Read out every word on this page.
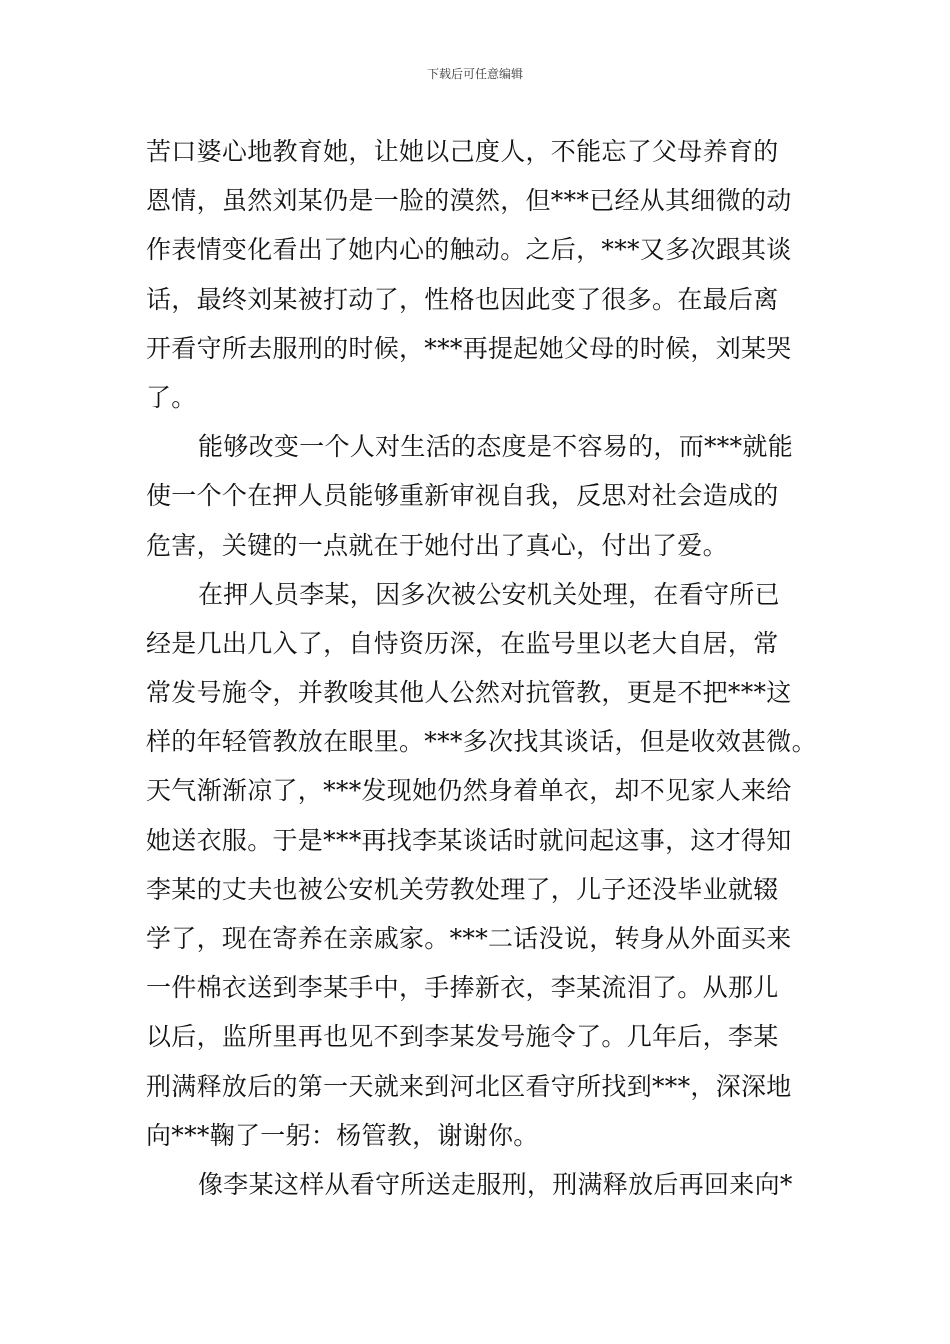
下载后可任意编辑
苦口婆心地教育她，让她以己度人，不能忘了父母养育的
恩情，虽然刘某仍是一脸的漠然，但***已经从其细微的动
作表情变化看出了她内心的触动。之后，***又多次跟其谈
话，最终刘某被打动了，性格也因此变了很多。在最后离
开看守所去服刑的时候，***再提起她父母的时候，刘某哭
了。
能够改变一个人对生活的态度是不容易的，而***就能
使一个个在押人员能够重新审视自我，反思对社会造成的
危害，关键的一点就在于她付出了真心，付出了爱。
在押人员李某，因多次被公安机关处理，在看守所已
经是几出几入了，自恃资历深，在监号里以老大自居，常
常发号施令，并教唆其他人公然对抗管教，更是不把***这
样的年轻管教放在眼里。***多次找其谈话，但是收效甚微。
天气渐渐凉了，***发现她仍然身着单衣，却不见家人来给
她送衣服。于是***再找李某谈话时就问起这事，这才得知
李某的丈夫也被公安机关劳教处理了，儿子还没毕业就辍
学了，现在寄养在亲戚家。***二话没说，转身从外面买来
一件棉衣送到李某手中，手捧新衣，李某流泪了。从那儿
以后，监所里再也见不到李某发号施令了。几年后，李某
刑满释放后的第一天就来到河北区看守所找到***，深深地
向***鞠了一躬：杨管教，谢谢你。
像李某这样从看守所送走服刑，刑满释放后再回来向*
